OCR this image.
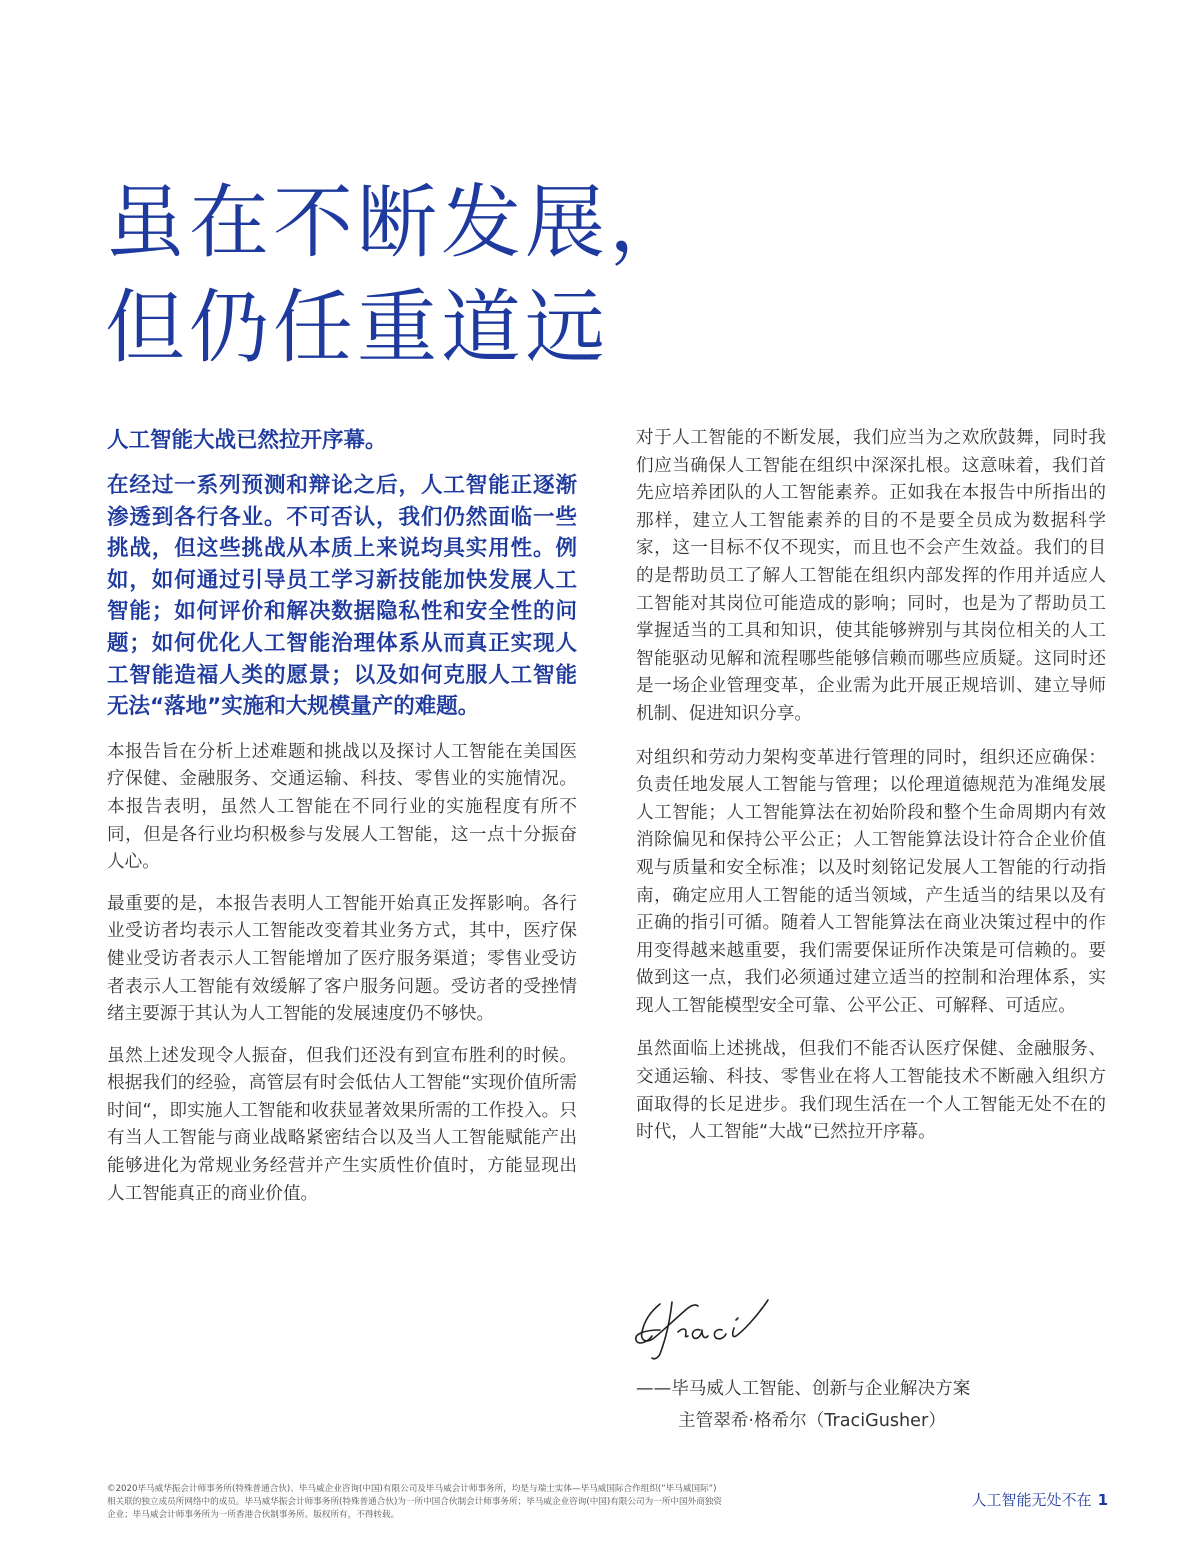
虽在不断发展，
但仍任重道远

人工智能大战已然拉开序幕。

在经过一系列预测和辩论之后，人工智能正逐渐渗透到各行各业。不可否认，我们仍然面临一些挑战，但这些挑战从本质上来说均具实用性。例如，如何通过引导员工学习新技能加快发展人工智能；如何评价和解决数据隐私性和安全性的问题；如何优化人工智能治理体系从而真正实现人工智能造福人类的愿景；以及如何克服人工智能无法“落地”实施和大规模量产的难题。

本报告旨在分析上述难题和挑战以及探讨人工智能在美国医疗保健、金融服务、交通运输、科技、零售业的实施情况。本报告表明，虽然人工智能在不同行业的实施程度有所不同，但是各行业均积极参与发展人工智能，这一点十分振奋人心。

最重要的是，本报告表明人工智能开始真正发挥影响。各行业受访者均表示人工智能改变着其业务方式，其中，医疗保健业受访者表示人工智能增加了医疗服务渠道；零售业受访者表示人工智能有效缓解了客户服务问题。受访者的受挫情绪主要源于其认为人工智能的发展速度仍不够快。

虽然上述发现令人振奋，但我们还没有到宣布胜利的时候。根据我们的经验，高管层有时会低估人工智能“实现价值所需时间“，即实施人工智能和收获显著效果所需的工作投入。只有当人工智能与商业战略紧密结合以及当人工智能赋能产出能够进化为常规业务经营并产生实质性价值时，方能显现出人工智能真正的商业价值。

对于人工智能的不断发展，我们应当为之欢欣鼓舞，同时我们应当确保人工智能在组织中深深扎根。这意味着，我们首先应培养团队的人工智能素养。正如我在本报告中所指出的那样，建立人工智能素养的目的不是要全员成为数据科学家，这一目标不仅不现实，而且也不会产生效益。我们的目的是帮助员工了解人工智能在组织内部发挥的作用并适应人工智能对其岗位可能造成的影响；同时，也是为了帮助员工掌握适当的工具和知识，使其能够辨别与其岗位相关的人工智能驱动见解和流程哪些能够信赖而哪些应质疑。这同时还是一场企业管理变革，企业需为此开展正规培训、建立导师机制、促进知识分享。

对组织和劳动力架构变革进行管理的同时，组织还应确保：负责任地发展人工智能与管理；以伦理道德规范为准绳发展人工智能；人工智能算法在初始阶段和整个生命周期内有效消除偏见和保持公平公正；人工智能算法设计符合企业价值观与质量和安全标准；以及时刻铭记发展人工智能的行动指南，确定应用人工智能的适当领域，产生适当的结果以及有正确的指引可循。随着人工智能算法在商业决策过程中的作用变得越来越重要，我们需要保证所作决策是可信赖的。要做到这一点，我们必须通过建立适当的控制和治理体系，实现人工智能模型安全可靠、公平公正、可解释、可适应。

虽然面临上述挑战，但我们不能否认医疗保健、金融服务、交通运输、科技、零售业在将人工智能技术不断融入组织方面取得的长足进步。我们现生活在一个人工智能无处不在的时代，人工智能“大战“已然拉开序幕。

——毕马威人工智能、创新与企业解决方案
主管翠希·格希尔（TraciGusher）

©2020毕马威华振会计师事务所(特殊普通合伙)、毕马威企业咨询(中国)有限公司及毕马威会计师事务所，均是与瑞士实体—毕马威国际合作组织(“毕马威国际”)

相关联的独立成员所网络中的成员。毕马威华振会计师事务所(特殊普通合伙)为一所中国合伙制会计师事务所；毕马威企业咨询(中国)有限公司为一所中国外商独资

企业；毕马威会计师事务所为一所香港合伙制事务所。版权所有，不得转载。

人工智能无处不在 1
